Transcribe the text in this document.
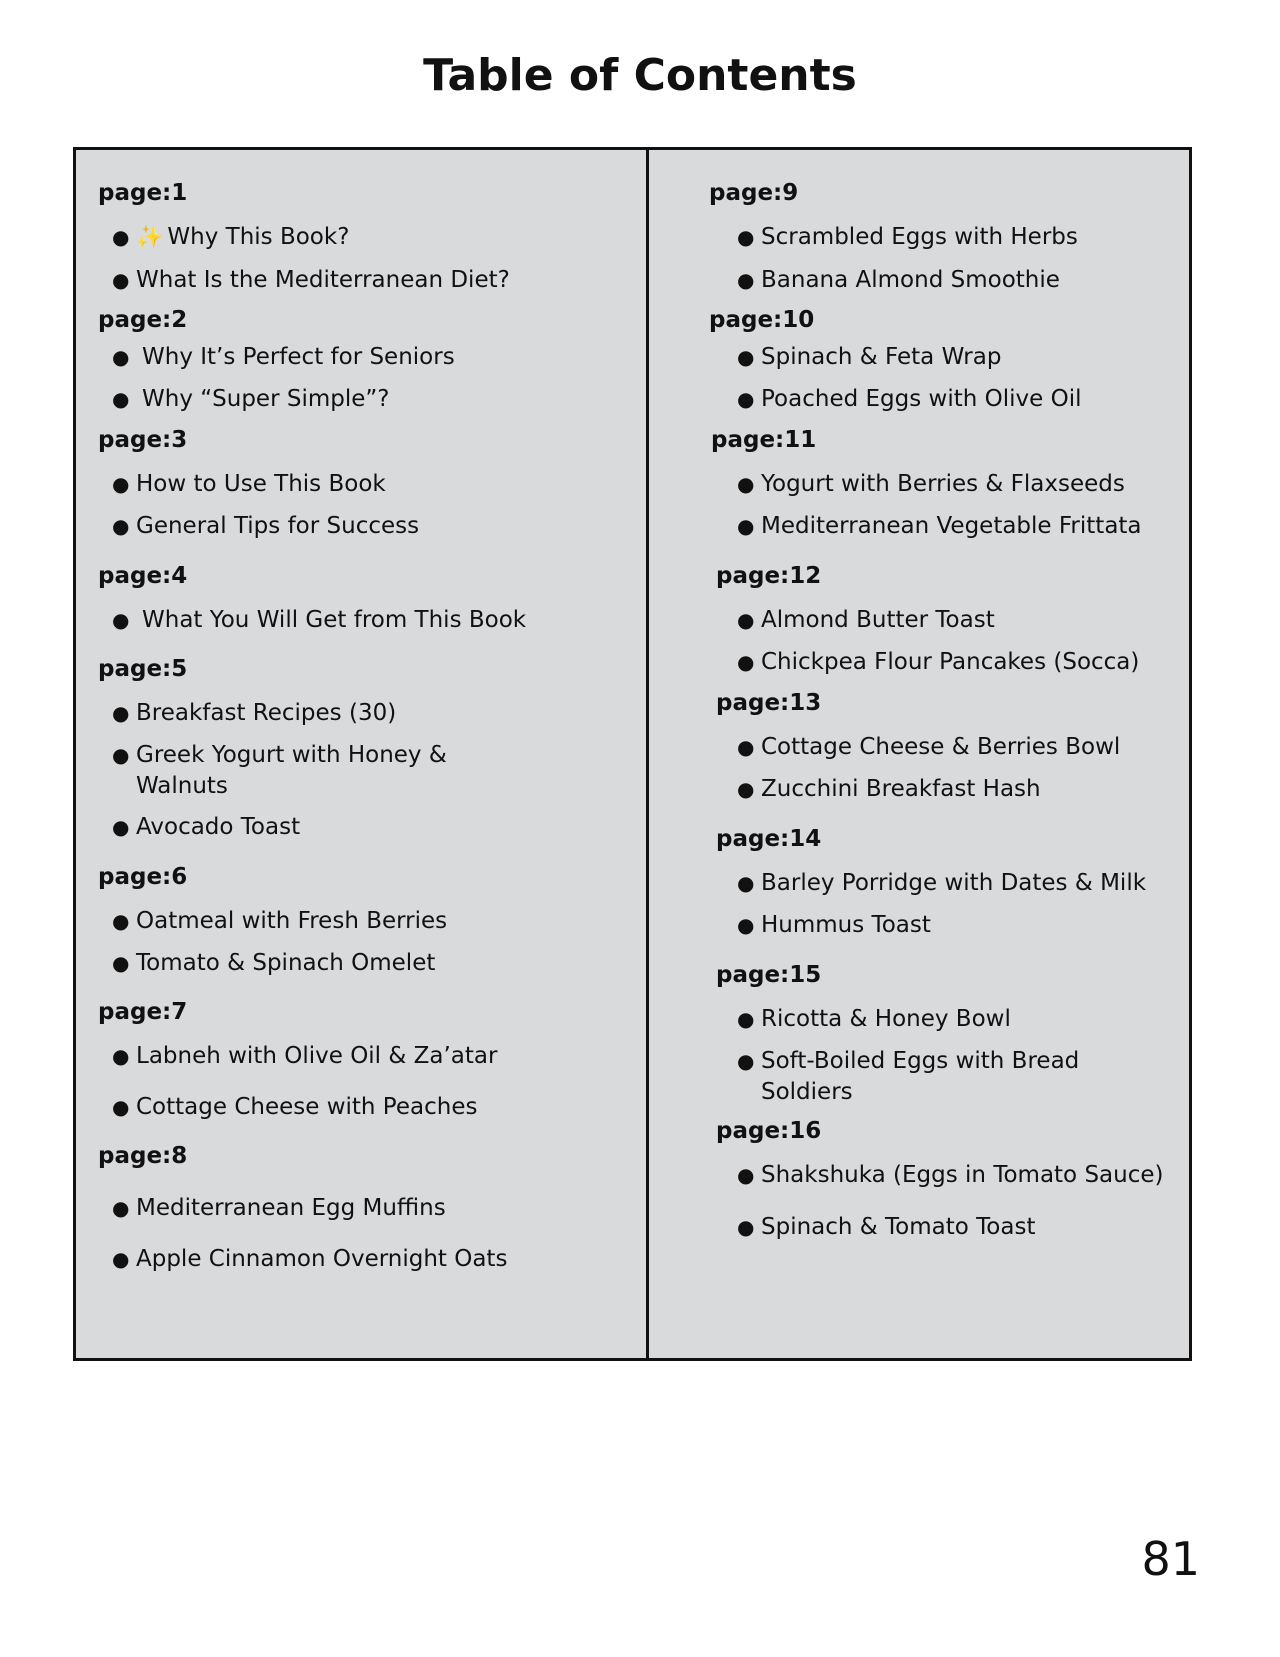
Table of Contents
page:1
● ✨ Why This Book?
● What Is the Mediterranean Diet?
page:2
● Why It’s Perfect for Seniors
● Why “Super Simple”?
page:3
● How to Use This Book
● General Tips for Success
page:4
● What You Will Get from This Book
page:5
● Breakfast Recipes (30)
● Greek Yogurt with Honey & Walnuts
● Avocado Toast
page:6
● Oatmeal with Fresh Berries
● Tomato & Spinach Omelet
page:7
● Labneh with Olive Oil & Za’atar
● Cottage Cheese with Peaches
page:8
● Mediterranean Egg Muffins
● Apple Cinnamon Overnight Oats
page:9
● Scrambled Eggs with Herbs
● Banana Almond Smoothie
page:10
● Spinach & Feta Wrap
● Poached Eggs with Olive Oil
page:11
● Yogurt with Berries & Flaxseeds
● Mediterranean Vegetable Frittata
page:12
● Almond Butter Toast
● Chickpea Flour Pancakes (Socca)
page:13
● Cottage Cheese & Berries Bowl
● Zucchini Breakfast Hash
page:14
● Barley Porridge with Dates & Milk
● Hummus Toast
page:15
● Ricotta & Honey Bowl
● Soft-Boiled Eggs with Bread Soldiers
page:16
● Shakshuka (Eggs in Tomato Sauce)
● Spinach & Tomato Toast
81
